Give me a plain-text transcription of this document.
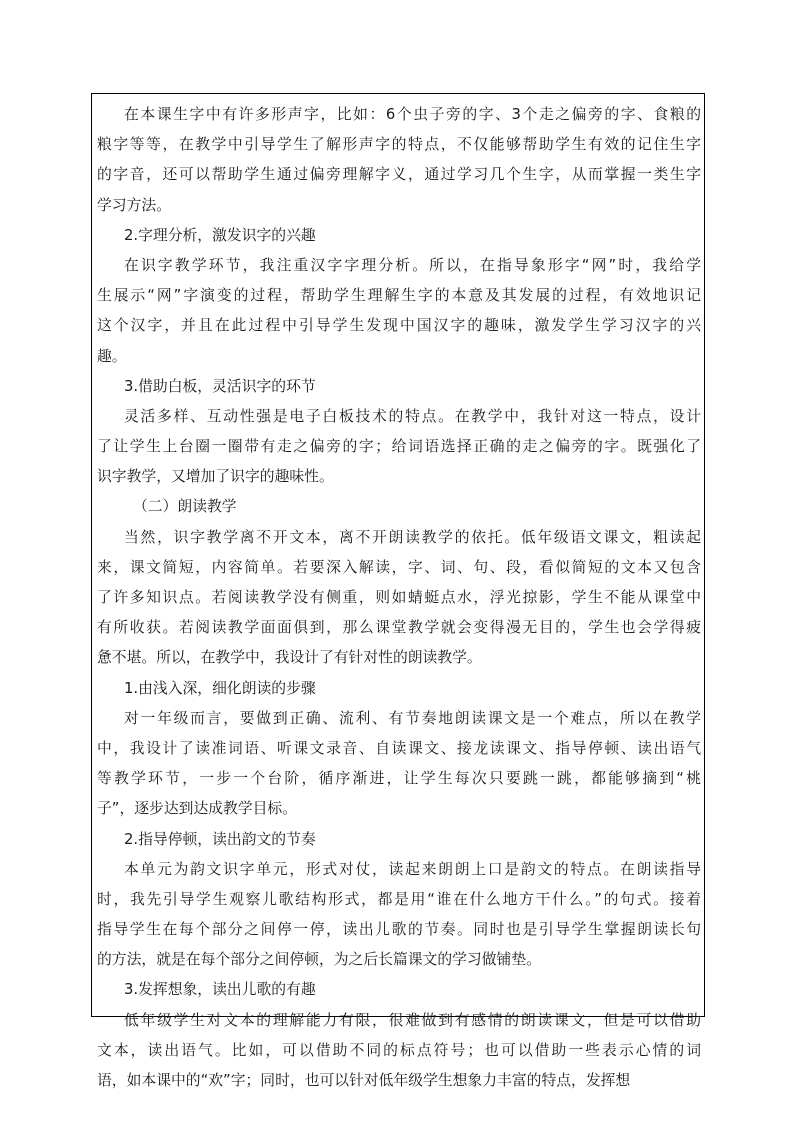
在本课生字中有许多形声字，比如：6个虫子旁的字、3个走之偏旁的字、食粮的
粮字等等，在教学中引导学生了解形声字的特点，不仅能够帮助学生有效的记住生字
的字音，还可以帮助学生通过偏旁理解字义，通过学习几个生字，从而掌握一类生字
学习方法。
2.字理分析，激发识字的兴趣
在识字教学环节，我注重汉字字理分析。所以，在指导象形字“网”时，我给学
生展示“网”字演变的过程，帮助学生理解生字的本意及其发展的过程，有效地识记
这个汉字，并且在此过程中引导学生发现中国汉字的趣味，激发学生学习汉字的兴
趣。
3.借助白板，灵活识字的环节
灵活多样、互动性强是电子白板技术的特点。在教学中，我针对这一特点，设计
了让学生上台圈一圈带有走之偏旁的字；给词语选择正确的走之偏旁的字。既强化了
识字教学，又增加了识字的趣味性。
（二）朗读教学
当然，识字教学离不开文本，离不开朗读教学的依托。低年级语文课文，粗读起
来，课文简短，内容简单。若要深入解读，字、词、句、段，看似简短的文本又包含
了许多知识点。若阅读教学没有侧重，则如蜻蜓点水，浮光掠影，学生不能从课堂中
有所收获。若阅读教学面面俱到，那么课堂教学就会变得漫无目的，学生也会学得疲
惫不堪。所以，在教学中，我设计了有针对性的朗读教学。
1.由浅入深，细化朗读的步骤
对一年级而言，要做到正确、流利、有节奏地朗读课文是一个难点，所以在教学
中，我设计了读准词语、听课文录音、自读课文、接龙读课文、指导停顿、读出语气
等教学环节，一步一个台阶，循序渐进，让学生每次只要跳一跳，都能够摘到“桃
子”，逐步达到达成教学目标。
2.指导停顿，读出韵文的节奏
本单元为韵文识字单元，形式对仗，读起来朗朗上口是韵文的特点。在朗读指导
时，我先引导学生观察儿歌结构形式，都是用“谁在什么地方干什么。”的句式。接着
指导学生在每个部分之间停一停，读出儿歌的节奏。同时也是引导学生掌握朗读长句
的方法，就是在每个部分之间停顿，为之后长篇课文的学习做铺垫。
3.发挥想象，读出儿歌的有趣
低年级学生对文本的理解能力有限，很难做到有感情的朗读课文，但是可以借助
文本，读出语气。比如，可以借助不同的标点符号；也可以借助一些表示心情的词
语，如本课中的“欢”字；同时，也可以针对低年级学生想象力丰富的特点，发挥想
